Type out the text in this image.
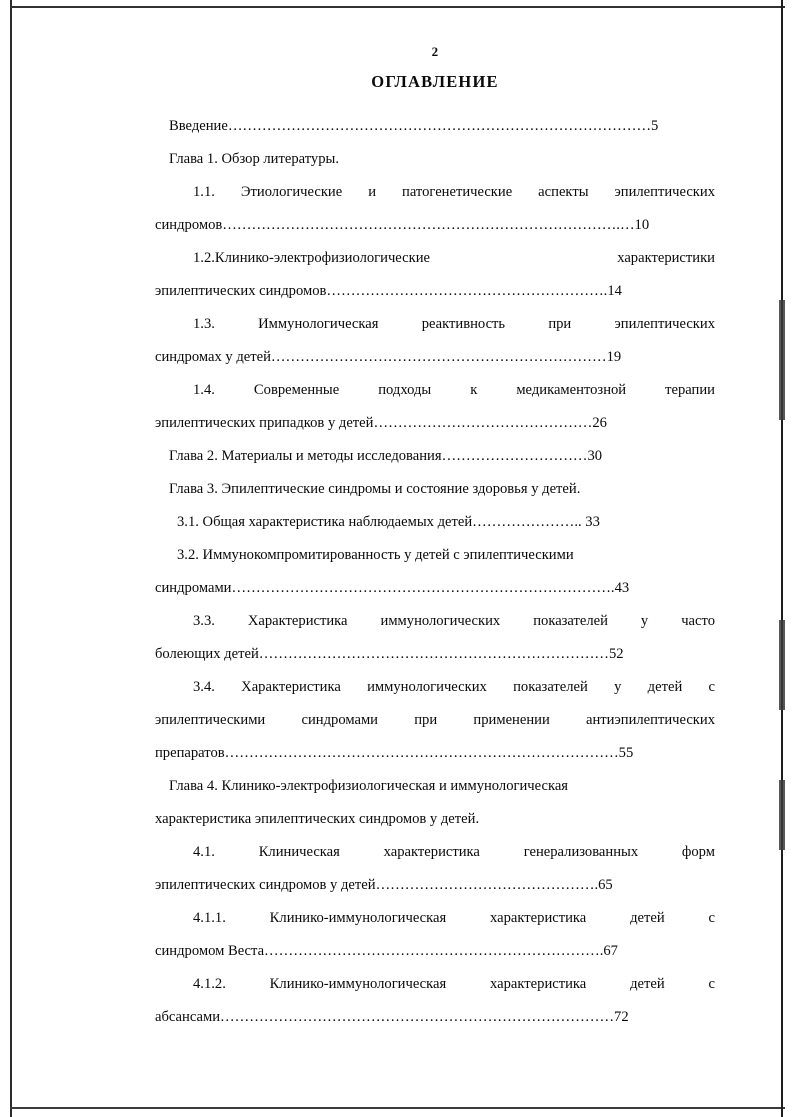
2
ОГЛАВЛЕНИЕ
Введение……………………………………………………………………………5
Глава 1. Обзор литературы.
1.1. Этиологические и патогенетические аспекты эпилептических
синдромов……………………………………………………………………….…10
1.2.Клинико-электрофизиологические характеристики
эпилептических синдромов………………………………………………….14
1.3. Иммунологическая реактивность при эпилептических
синдромах у детей……………………………………………………………19
1.4. Современные подходы к медикаментозной терапии
эпилептических припадков у детей………………………………………26
Глава 2. Материалы и методы исследования…………………………30
Глава 3. Эпилептические синдромы и состояние здоровья у детей.
3.1. Общая характеристика наблюдаемых детей………………….. 33
3.2. Иммунокомпромитированность у детей с эпилептическими
синдромами…………………………………………………………………….43
3.3. Характеристика иммунологических показателей у часто
болеющих детей………………………………………………………………52
3.4. Характеристика иммунологических показателей у детей с
эпилептическими синдромами при применении антиэпилептических
препаратов………………………………………………………………………55
Глава 4. Клинико-электрофизиологическая и иммунологическая
характеристика эпилептических синдромов у детей.
4.1. Клиническая характеристика генерализованных форм
эпилептических синдромов у детей……………………………………….65
4.1.1. Клинико-иммунологическая характеристика детей с
синдромом Веста…………………………………………………………….67
4.1.2. Клинико-иммунологическая характеристика детей с
абсансами………………………………………………………………………72
